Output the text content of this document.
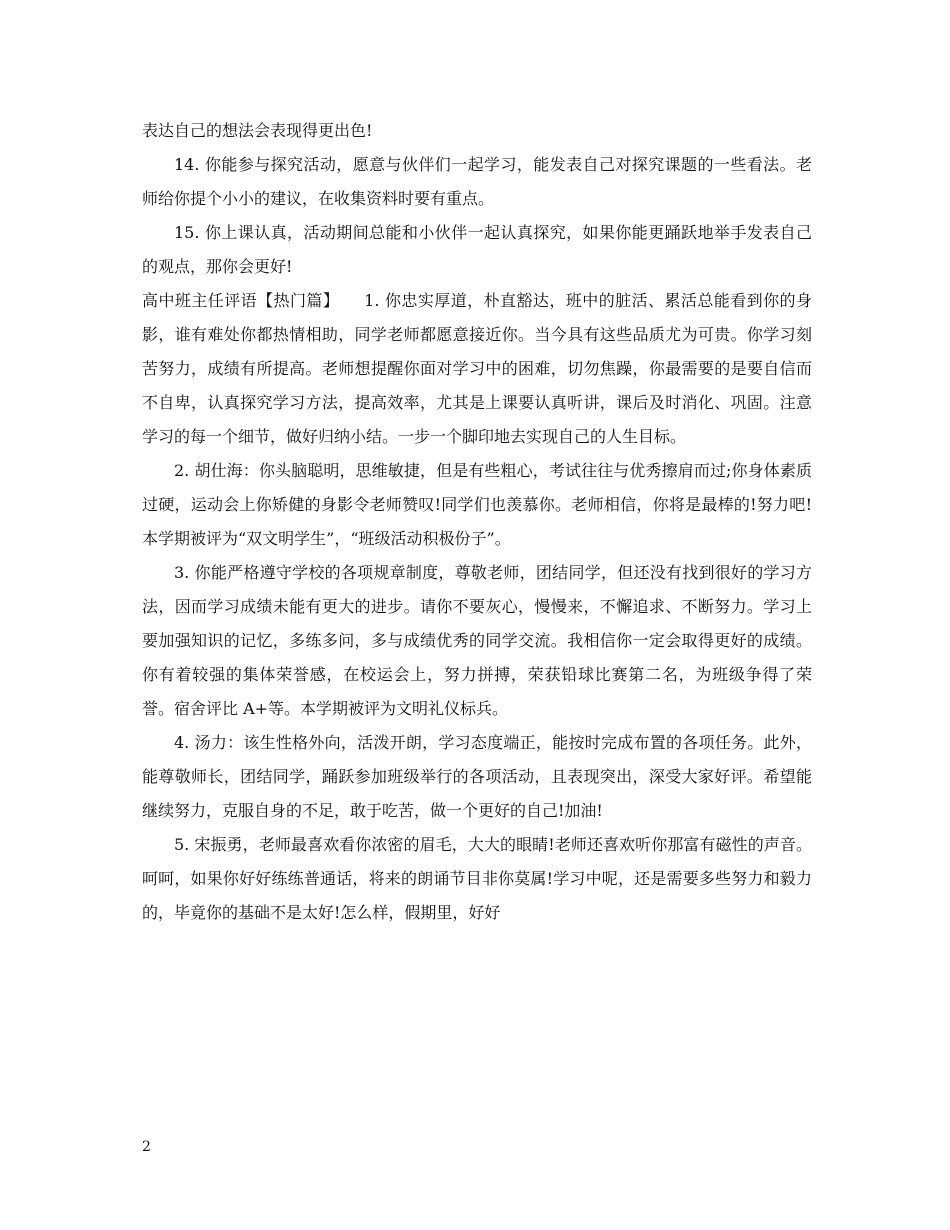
表达自己的想法会表现得更出色!

14. 你能参与探究活动，愿意与伙伴们一起学习，能发表自己对探究课题的一些看法。老师给你提个小小的建议，在收集资料时要有重点。

15. 你上课认真，活动期间总能和小伙伴一起认真探究，如果你能更踊跃地举手发表自己的观点，那你会更好!

高中班主任评语【热门篇】　　1. 你忠实厚道，朴直豁达，班中的脏活、累活总能看到你的身影，谁有难处你都热情相助，同学老师都愿意接近你。当今具有这些品质尤为可贵。你学习刻苦努力，成绩有所提高。老师想提醒你面对学习中的困难，切勿焦躁，你最需要的是要自信而不自卑，认真探究学习方法，提高效率，尤其是上课要认真听讲，课后及时消化、巩固。注意学习的每一个细节，做好归纳小结。一步一个脚印地去实现自己的人生目标。

2. 胡仕海：你头脑聪明，思维敏捷，但是有些粗心，考试往往与优秀擦肩而过;你身体素质过硬，运动会上你矫健的身影令老师赞叹!同学们也羡慕你。老师相信，你将是最棒的!努力吧!本学期被评为“双文明学生”，“班级活动积极份子”。

3. 你能严格遵守学校的各项规章制度，尊敬老师，团结同学，但还没有找到很好的学习方法，因而学习成绩未能有更大的进步。请你不要灰心，慢慢来，不懈追求、不断努力。学习上要加强知识的记忆，多练多问，多与成绩优秀的同学交流。我相信你一定会取得更好的成绩。你有着较强的集体荣誉感，在校运会上，努力拼搏，荣获铅球比赛第二名，为班级争得了荣誉。宿舍评比 A+等。本学期被评为文明礼仪标兵。

4. 汤力：该生性格外向，活泼开朗，学习态度端正，能按时完成布置的各项任务。此外，能尊敬师长，团结同学，踊跃参加班级举行的各项活动，且表现突出，深受大家好评。希望能继续努力，克服自身的不足，敢于吃苦，做一个更好的自己!加油!

5. 宋振勇，老师最喜欢看你浓密的眉毛，大大的眼睛!老师还喜欢听你那富有磁性的声音。呵呵，如果你好好练练普通话，将来的朗诵节目非你莫属!学习中呢，还是需要多些努力和毅力的，毕竟你的基础不是太好!怎么样，假期里，好好

2
